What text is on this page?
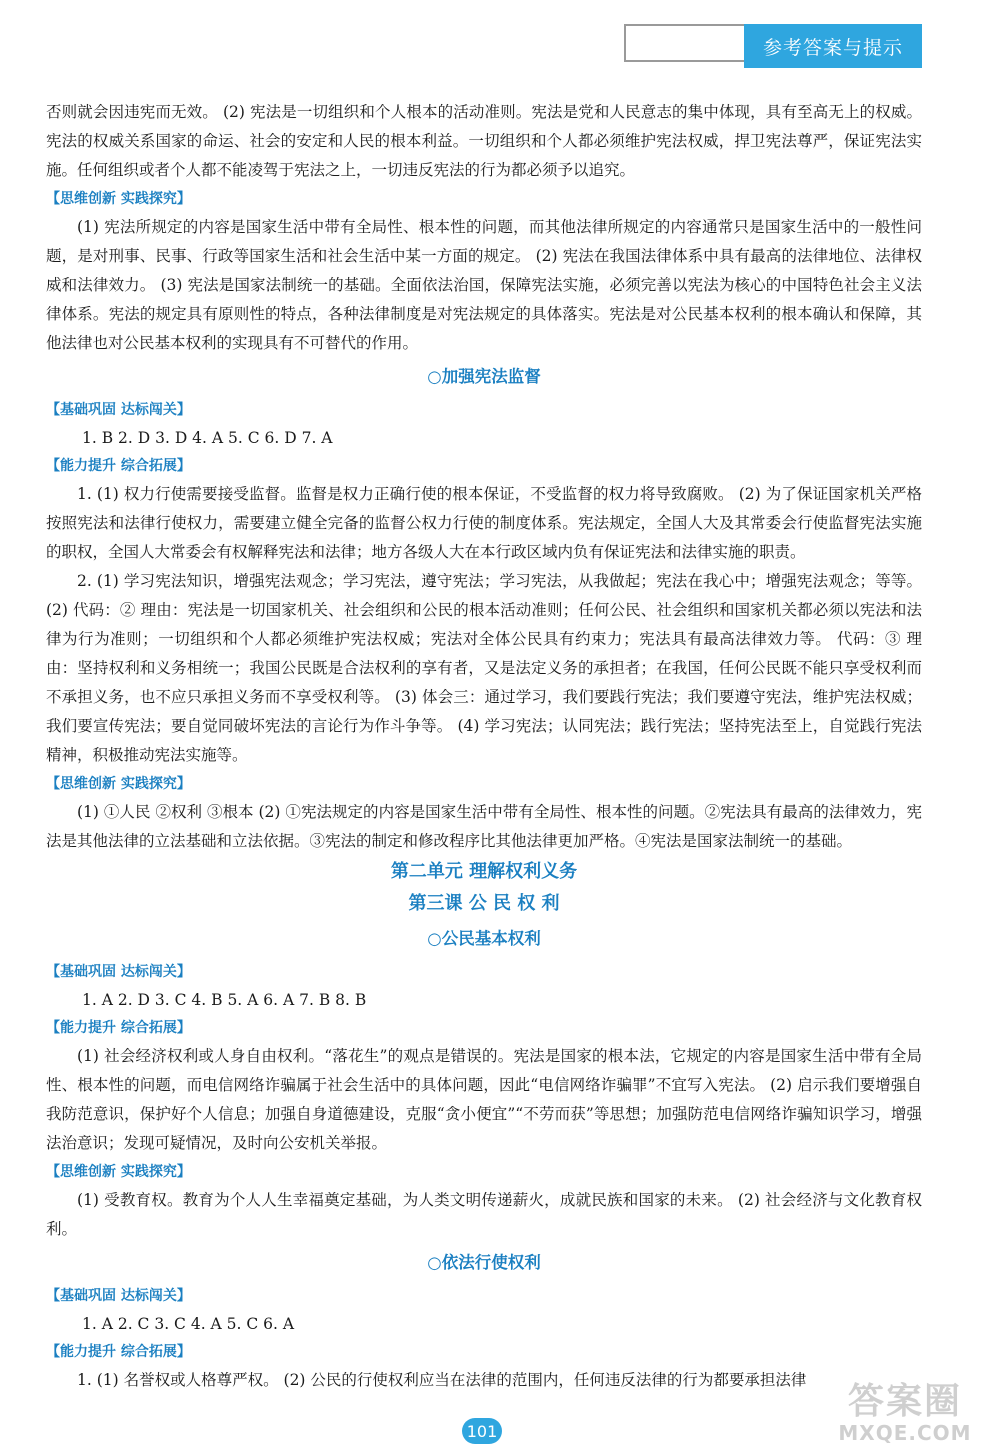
参考答案与提示

否则就会因违宪而无效。 (2) 宪法是一切组织和个人根本的活动准则。宪法是党和人民意志的集中体现，具有至高无上的权威。宪法的权威关系国家的命运、社会的安定和人民的根本利益。一切组织和个人都必须维护宪法权威，捍卫宪法尊严，保证宪法实施。任何组织或者个人都不能凌驾于宪法之上，一切违反宪法的行为都必须予以追究。

【思维创新 实践探究】

(1) 宪法所规定的内容是国家生活中带有全局性、根本性的问题，而其他法律所规定的内容通常只是国家生活中的一般性问题，是对刑事、民事、行政等国家生活和社会生活中某一方面的规定。 (2) 宪法在我国法律体系中具有最高的法律地位、法律权威和法律效力。 (3) 宪法是国家法制统一的基础。全面依法治国，保障宪法实施，必须完善以宪法为核心的中国特色社会主义法律体系。宪法的规定具有原则性的特点，各种法律制度是对宪法规定的具体落实。宪法是对公民基本权利的根本确认和保障，其他法律也对公民基本权利的实现具有不可替代的作用。

○加强宪法监督

【基础巩固 达标闯关】

1. B 2. D 3. D 4. A 5. C 6. D 7. A

【能力提升 综合拓展】

1. (1) 权力行使需要接受监督。监督是权力正确行使的根本保证，不受监督的权力将导致腐败。 (2) 为了保证国家机关严格按照宪法和法律行使权力，需要建立健全完备的监督公权力行使的制度体系。宪法规定，全国人大及其常委会行使监督宪法实施的职权，全国人大常委会有权解释宪法和法律；地方各级人大在本行政区域内负有保证宪法和法律实施的职责。

2. (1) 学习宪法知识，增强宪法观念；学习宪法，遵守宪法；学习宪法，从我做起；宪法在我心中；增强宪法观念；等等。 (2) 代码：② 理由：宪法是一切国家机关、社会组织和公民的根本活动准则；任何公民、社会组织和国家机关都必须以宪法和法律为行为准则；一切组织和个人都必须维护宪法权威；宪法对全体公民具有约束力；宪法具有最高法律效力等。 代码：③ 理由：坚持权利和义务相统一；我国公民既是合法权利的享有者，又是法定义务的承担者；在我国，任何公民既不能只享受权利而不承担义务，也不应只承担义务而不享受权利等。 (3) 体会三：通过学习，我们要践行宪法；我们要遵守宪法，维护宪法权威；我们要宣传宪法；要自觉同破坏宪法的言论行为作斗争等。 (4) 学习宪法；认同宪法；践行宪法；坚持宪法至上，自觉践行宪法精神，积极推动宪法实施等。

【思维创新 实践探究】

(1) ①人民 ②权利 ③根本 (2) ①宪法规定的内容是国家生活中带有全局性、根本性的问题。②宪法具有最高的法律效力，宪法是其他法律的立法基础和立法依据。③宪法的制定和修改程序比其他法律更加严格。④宪法是国家法制统一的基础。

第二单元 理解权利义务
第三课 公 民 权 利
○公民基本权利

【基础巩固 达标闯关】

1. A 2. D 3. C 4. B 5. A 6. A 7. B 8. B

【能力提升 综合拓展】

(1) 社会经济权利或人身自由权利。“落花生”的观点是错误的。宪法是国家的根本法，它规定的内容是国家生活中带有全局性、根本性的问题，而电信网络诈骗属于社会生活中的具体问题，因此“电信网络诈骗罪”不宜写入宪法。 (2) 启示我们要增强自我防范意识，保护好个人信息；加强自身道德建设，克服“贪小便宜”“不劳而获”等思想；加强防范电信网络诈骗知识学习，增强法治意识；发现可疑情况，及时向公安机关举报。

【思维创新 实践探究】

(1) 受教育权。教育为个人人生幸福奠定基础，为人类文明传递薪火，成就民族和国家的未来。 (2) 社会经济与文化教育权利。

○依法行使权利

【基础巩固 达标闯关】

1. A 2. C 3. C 4. A 5. C 6. A

【能力提升 综合拓展】

1. (1) 名誉权或人格尊严权。 (2) 公民的行使权利应当在法律的范围内，任何违反法律的行为都要承担法律

101
答案圈
MXQE.COM
